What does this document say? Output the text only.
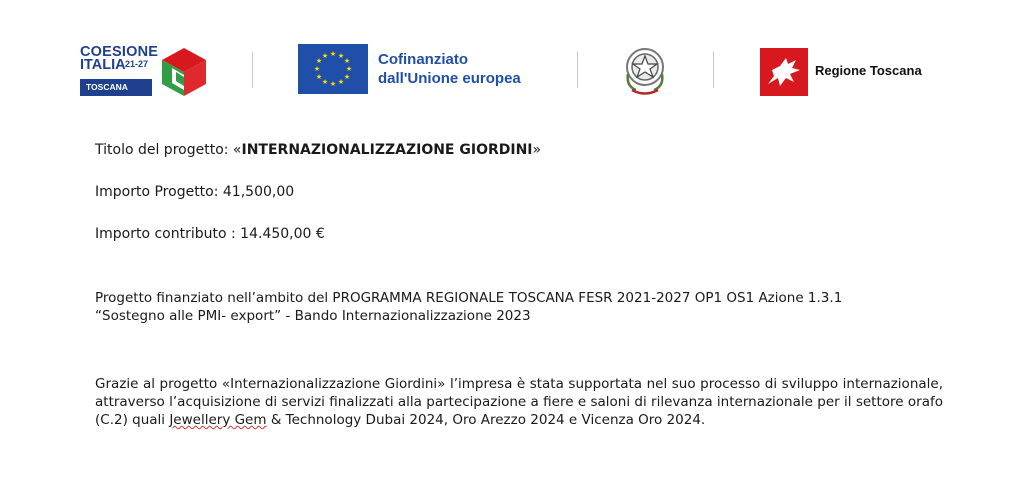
COESIONE
ITALIA 21-27
TOSCANA
★ ★
★
★
★
★
★
★
★
★
★
★	Cofinanziato
dall'Unione europea	Regione Toscana
Titolo del progetto: «INTERNAZIONALIZZAZIONE GIORDINI»
Importo Progetto: 41,500,00
Importo contributo : 14.450,00 €
Progetto finanziato nell’ambito del PROGRAMMA REGIONALE TOSCANA FESR 2021-2027 OP1 OS1 Azione 1.3.1
“Sostegno alle PMI- export” - Bando Internazionalizzazione 2023
Grazie al progetto «Internazionalizzazione Giordini» l’impresa è stata supportata nel suo processo di sviluppo internazionale, attraverso l’acquisizione di servizi finalizzati alla partecipazione a fiere e saloni di rilevanza internazionale per il settore orafo (C.2) quali Jewellery Gem & Technology Dubai 2024, Oro Arezzo 2024 e Vicenza Oro 2024.
